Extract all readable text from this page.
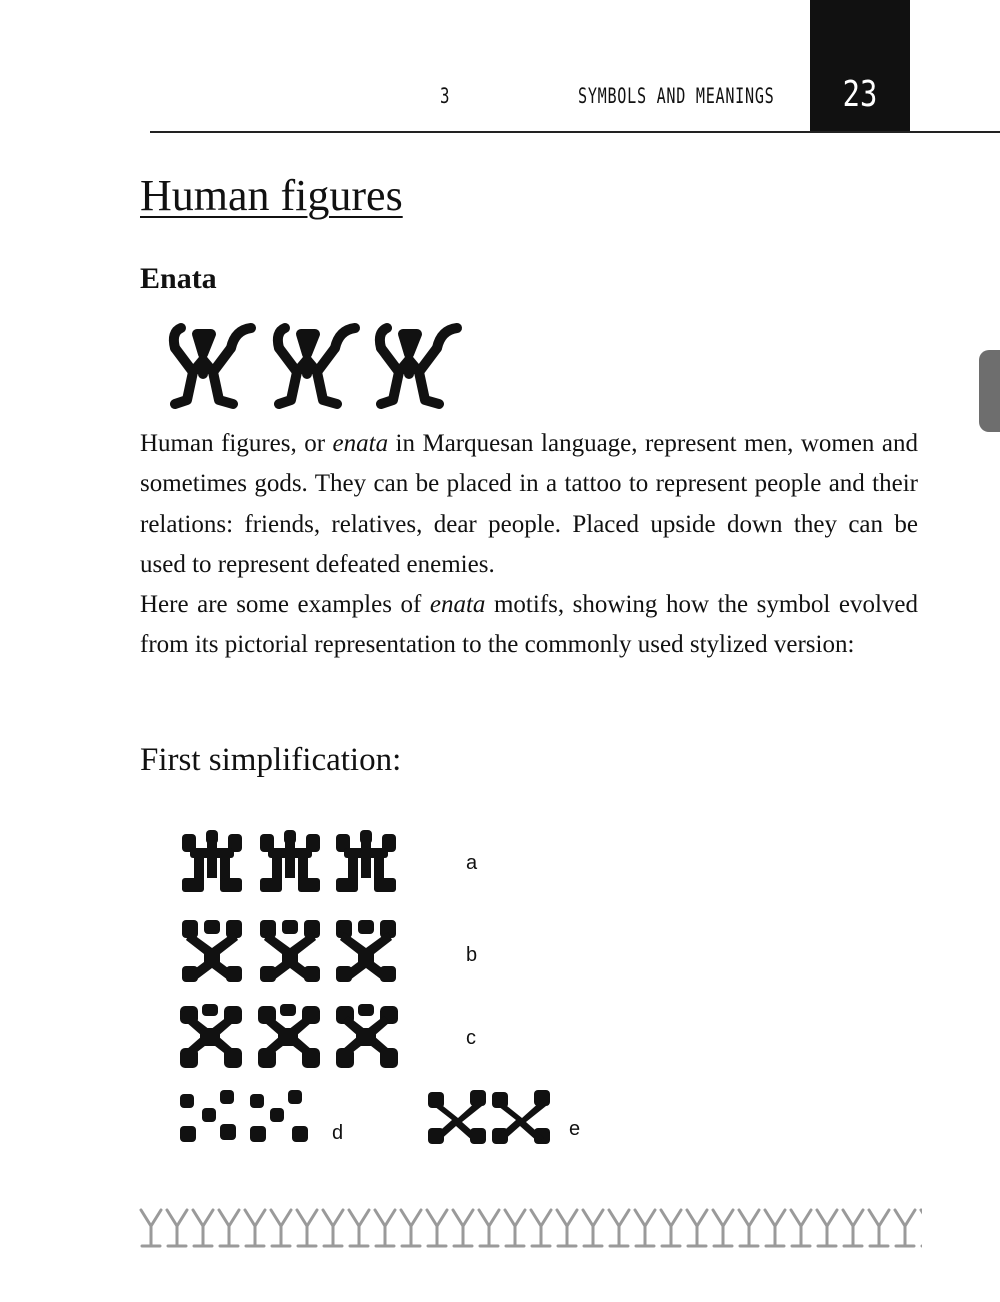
3	SYMBOLS AND MEANINGS	23
Human figures
Enata

Human figures, or enata in Marquesan language, represent men, women and sometimes gods. They can be placed in a tattoo to represent people and their relations: friends, relatives, dear people. Placed upside down they can be used to represent defeated enemies.

Here are some examples of enata motifs, showing how the symbol evolved from its pictorial representation to the commonly used stylized version:

First simplification:
a
b
c
d	e
